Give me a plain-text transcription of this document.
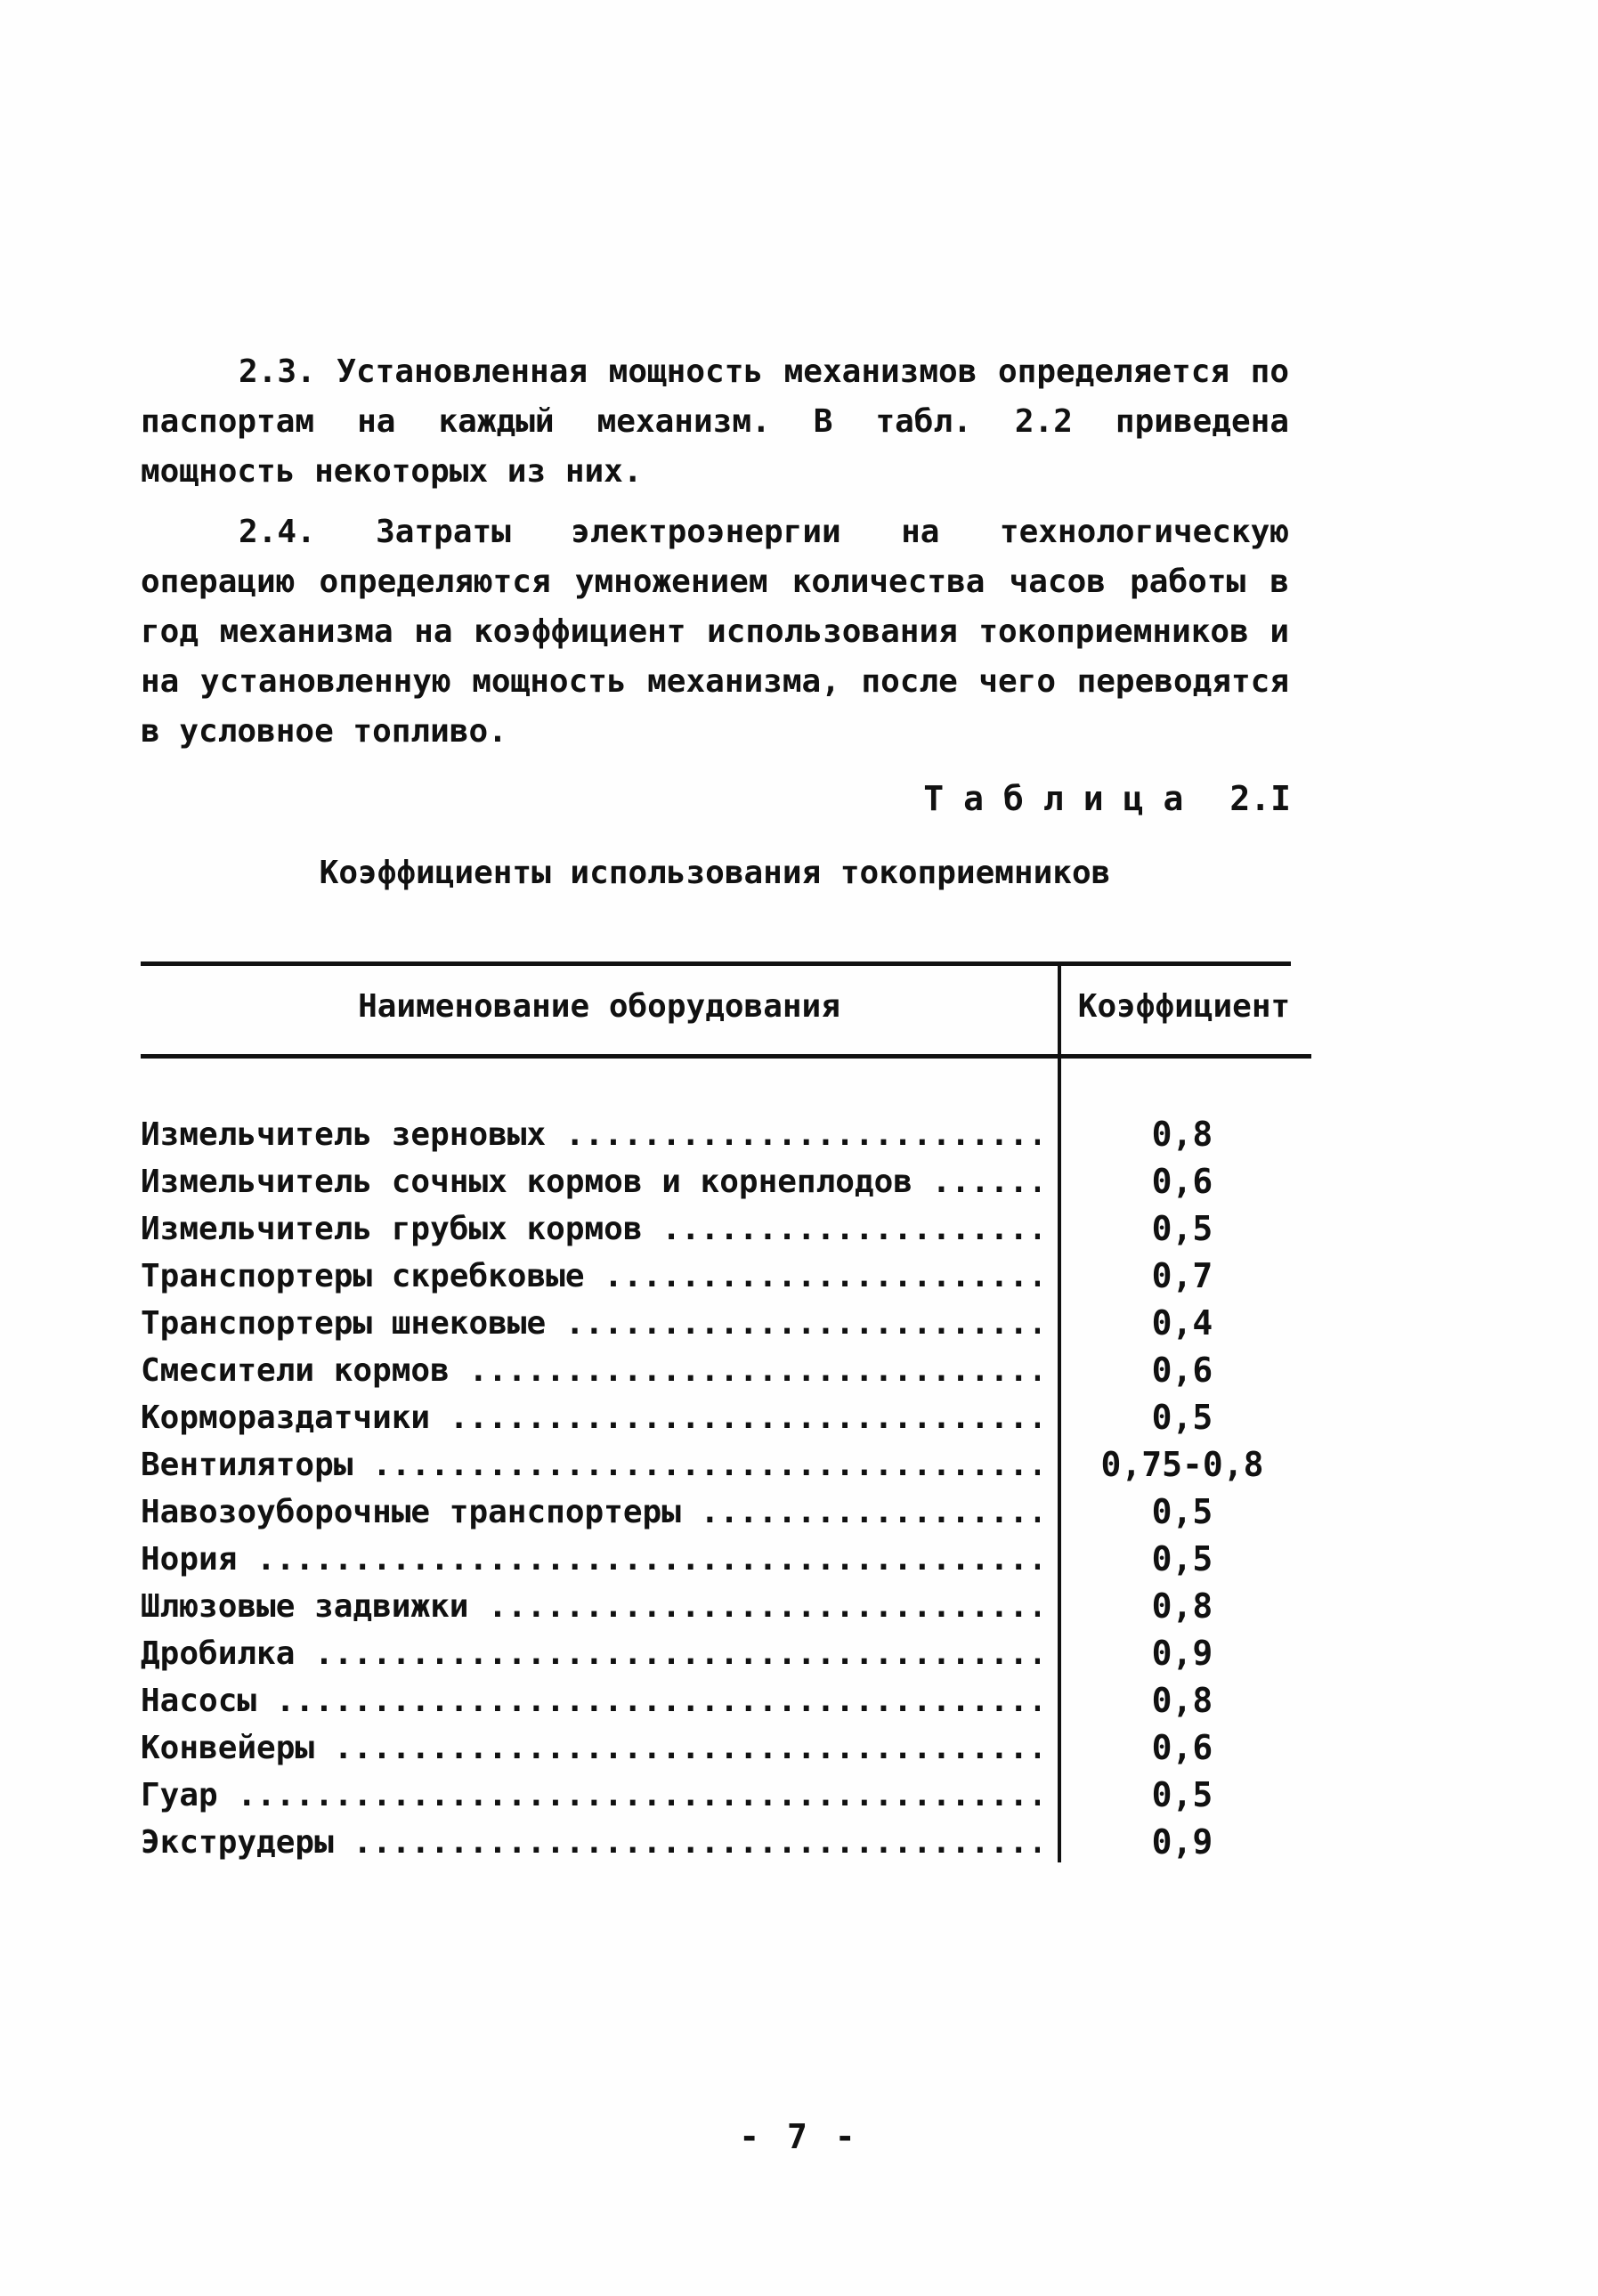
2.3. Установленная мощность механизмов определяется по паспортам на каждый механизм. В табл. 2.2 приведена мощность некоторых из них.

2.4. Затраты электроэнергии на технологическую операцию определяются умножением количества часов работы в год механизма на коэффициент использования токоприемников и на установленную мощность механизма, после чего переводятся в условное топливо.

Таблица 2.I
Коэффициенты использования токоприемников
Наименование оборудования	Коэффициент
Измельчитель зерновых .....	0,8
Измельчитель сочных кормов и корнеплодов .....	0,6
Измельчитель грубых кормов .....	0,5
Транспортеры скребковые .....	0,7
Транспортеры шнековые .....	0,4
Смесители кормов .....	0,6
Кормораздатчики .....	0,5
Вентиляторы .....	0,75-0,8
Навозоуборочные транспортеры .....	0,5
Нория .....	0,5
Шлюзовые задвижки .....	0,8
Дробилка .....	0,9
Насосы .....	0,8
Конвейеры .....	0,6
Гуар .....	0,5
Экструдеры .....	0,9
- 7 -
